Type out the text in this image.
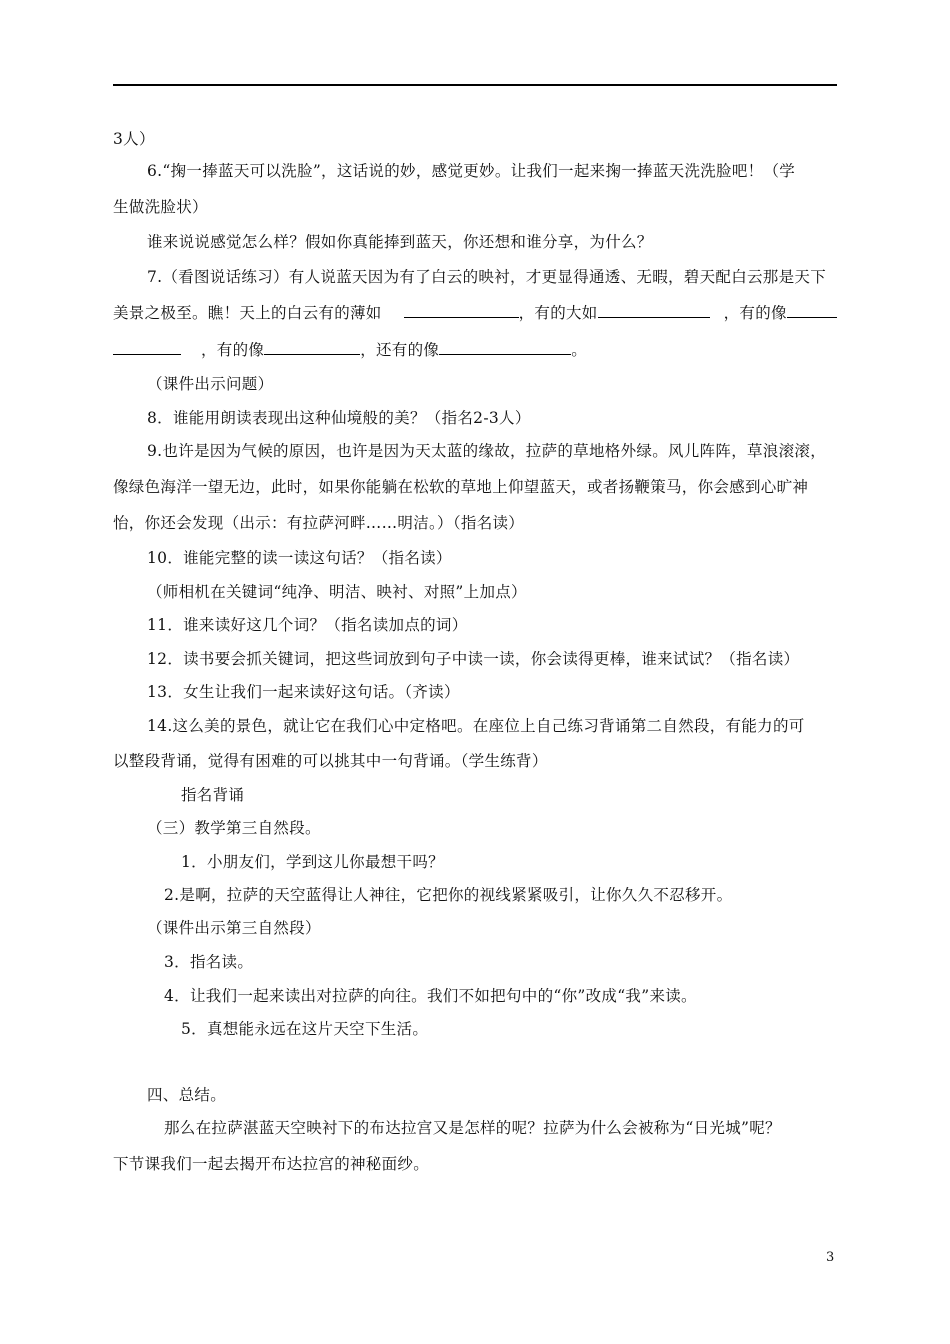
3人）
6.“掬一捧蓝天可以洗脸”，这话说的妙，感觉更妙。让我们一起来掬一捧蓝天洗洗脸吧！（学
生做洗脸状）
谁来说说感觉怎么样？假如你真能捧到蓝天，你还想和谁分享，为什么？
7.（看图说话练习）有人说蓝天因为有了白云的映衬，才更显得通透、无暇，碧天配白云那是天下
美景之极至。瞧！天上的白云有的薄如	，有的大如	，有的像
，有的像	，还有的像	。
（课件出示问题）
8．谁能用朗读表现出这种仙境般的美？（指名2-3人）
9.也许是因为气候的原因，也许是因为天太蓝的缘故，拉萨的草地格外绿。风儿阵阵，草浪滚滚，
像绿色海洋一望无边，此时，如果你能躺在松软的草地上仰望蓝天，或者扬鞭策马，你会感到心旷神
怡，你还会发现（出示：有拉萨河畔……明洁。）（指名读）
10．谁能完整的读一读这句话？（指名读）
（师相机在关键词“纯净、明洁、映衬、对照”上加点）
11．谁来读好这几个词？（指名读加点的词）
12．读书要会抓关键词，把这些词放到句子中读一读，你会读得更棒，谁来试试？（指名读）
13．女生让我们一起来读好这句话。（齐读）
14.这么美的景色，就让它在我们心中定格吧。在座位上自己练习背诵第二自然段，有能力的可
以整段背诵，觉得有困难的可以挑其中一句背诵。（学生练背）
指名背诵
（三）教学第三自然段。
1．小朋友们，学到这儿你最想干吗？
2.是啊，拉萨的天空蓝得让人神往，它把你的视线紧紧吸引，让你久久不忍移开。
（课件出示第三自然段）
3．指名读。
4．让我们一起来读出对拉萨的向往。我们不如把句中的“你”改成“我”来读。
5．真想能永远在这片天空下生活。
四、总结。
那么在拉萨湛蓝天空映衬下的布达拉宫又是怎样的呢？拉萨为什么会被称为“日光城”呢？
下节课我们一起去揭开布达拉宫的神秘面纱。
3
